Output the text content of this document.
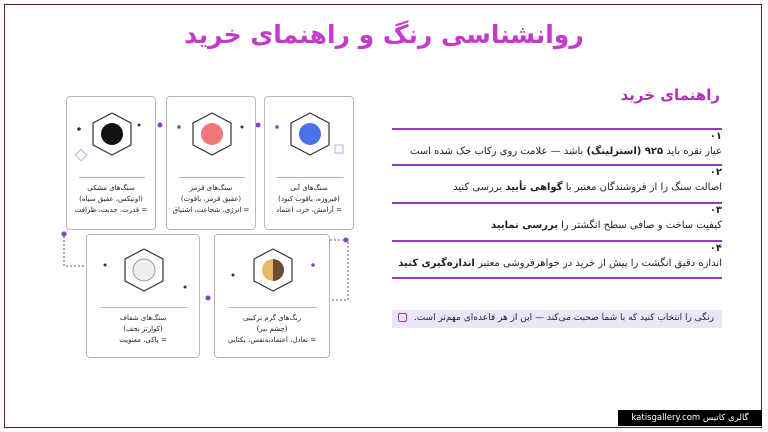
روانشناسی رنگ و راهنمای خرید
سنگ‌های مشکی
(اونیکس، عقیق سیاه)
= قدرت، جدیت، ظرافت
سنگ‌های قرمز
(عقیق قرمز، یاقوت)
= انرژی، شجاعت، اشتیاق
سنگ‌های آبی
(فیروزه، یاقوت کبود)
= آرامش، خرد، اعتماد
سنگ‌های شفاف
(کوارتز نجف)
= پاکی، معنویت
رنگ‌های گرم ترکیبی
(چشم ببر)
= تعادل، اعتمادبه‌نفس، یکتایی
راهنمای خرید
۰۱
عیار نقره باید ۹۲۵ (استرلینگ) باشد — علامت روی رکاب حک شده است
۰۲
اصالت سنگ را از فروشندگان معتبر با گواهی تأیید بررسی کنید
۰۳
کیفیت ساخت و صافی سطح انگشتر را بررسی نمایید
۰۴
اندازه دقیق انگشت را پیش از خرید در جواهرفروشی معتبر اندازه‌گیری کنید
رنگی را انتخاب کنید که با شما صحبت می‌کند — این از هر قاعده‌ای مهم‌تر است.
گالری کاتیس katisgallery.com
